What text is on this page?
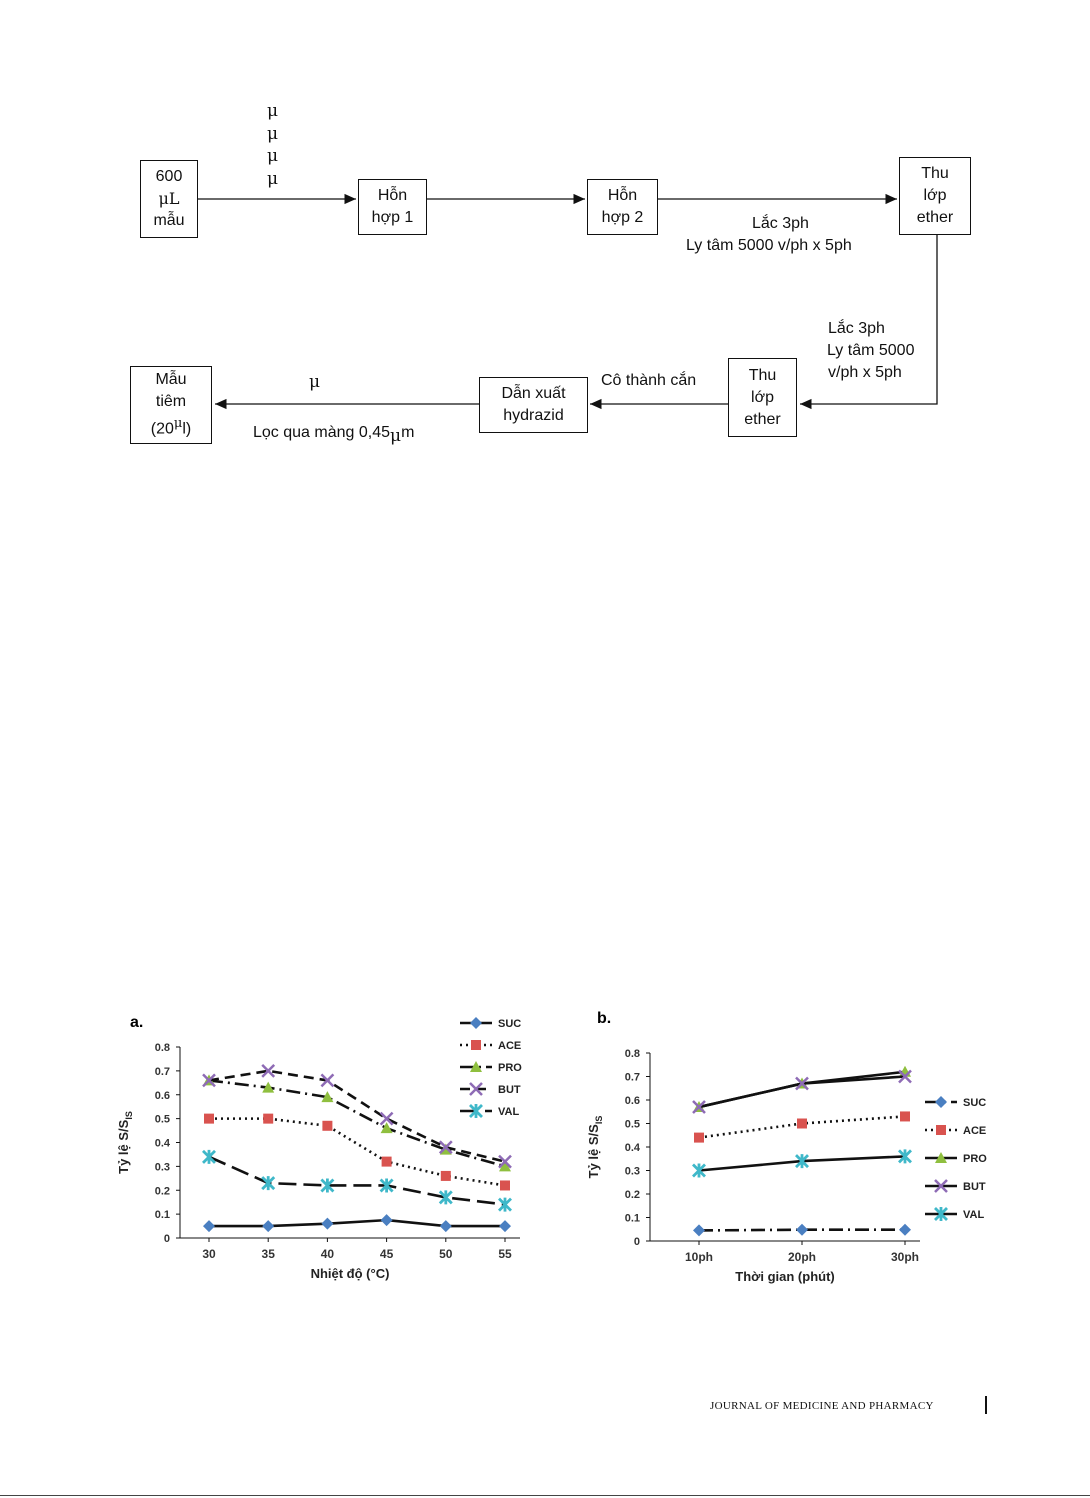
μ
μ
μ
μ
600
μL
mẫu
Hỗn
hợp 1
Hỗn
hợp 2
Thu
lớp
ether
Thu
lớp
ether
Dẫn xuất
hydrazid
Mẫu
tiêm
$(20^\mu l)$
Lắc 3ph
Ly tâm 5000 v/ph x 5ph
Lắc 3ph
Ly tâm 5000
v/ph x 5ph
Cô thành cắn
μ
Lọc qua màng 0,45μm
a.
0
0.1
0.2
0.3
0.4
0.5
0.6
0.7
0.8
30	35	40	45	50	55
Nhiệt độ (°C)
Tỷ lệ $S/S_{IS}$
SUC
ACE
PRO
BUT
VAL
b.
0
0.1
0.2
0.3
0.4
0.5
0.6
0.7
0.8
10ph	20ph	30ph
Thời gian (phút)
Tỷ lệ $S/S_{IS}$
SUC
ACE
PRO
BUT
VAL
JOURNAL OF MEDICINE AND PHARMACY
